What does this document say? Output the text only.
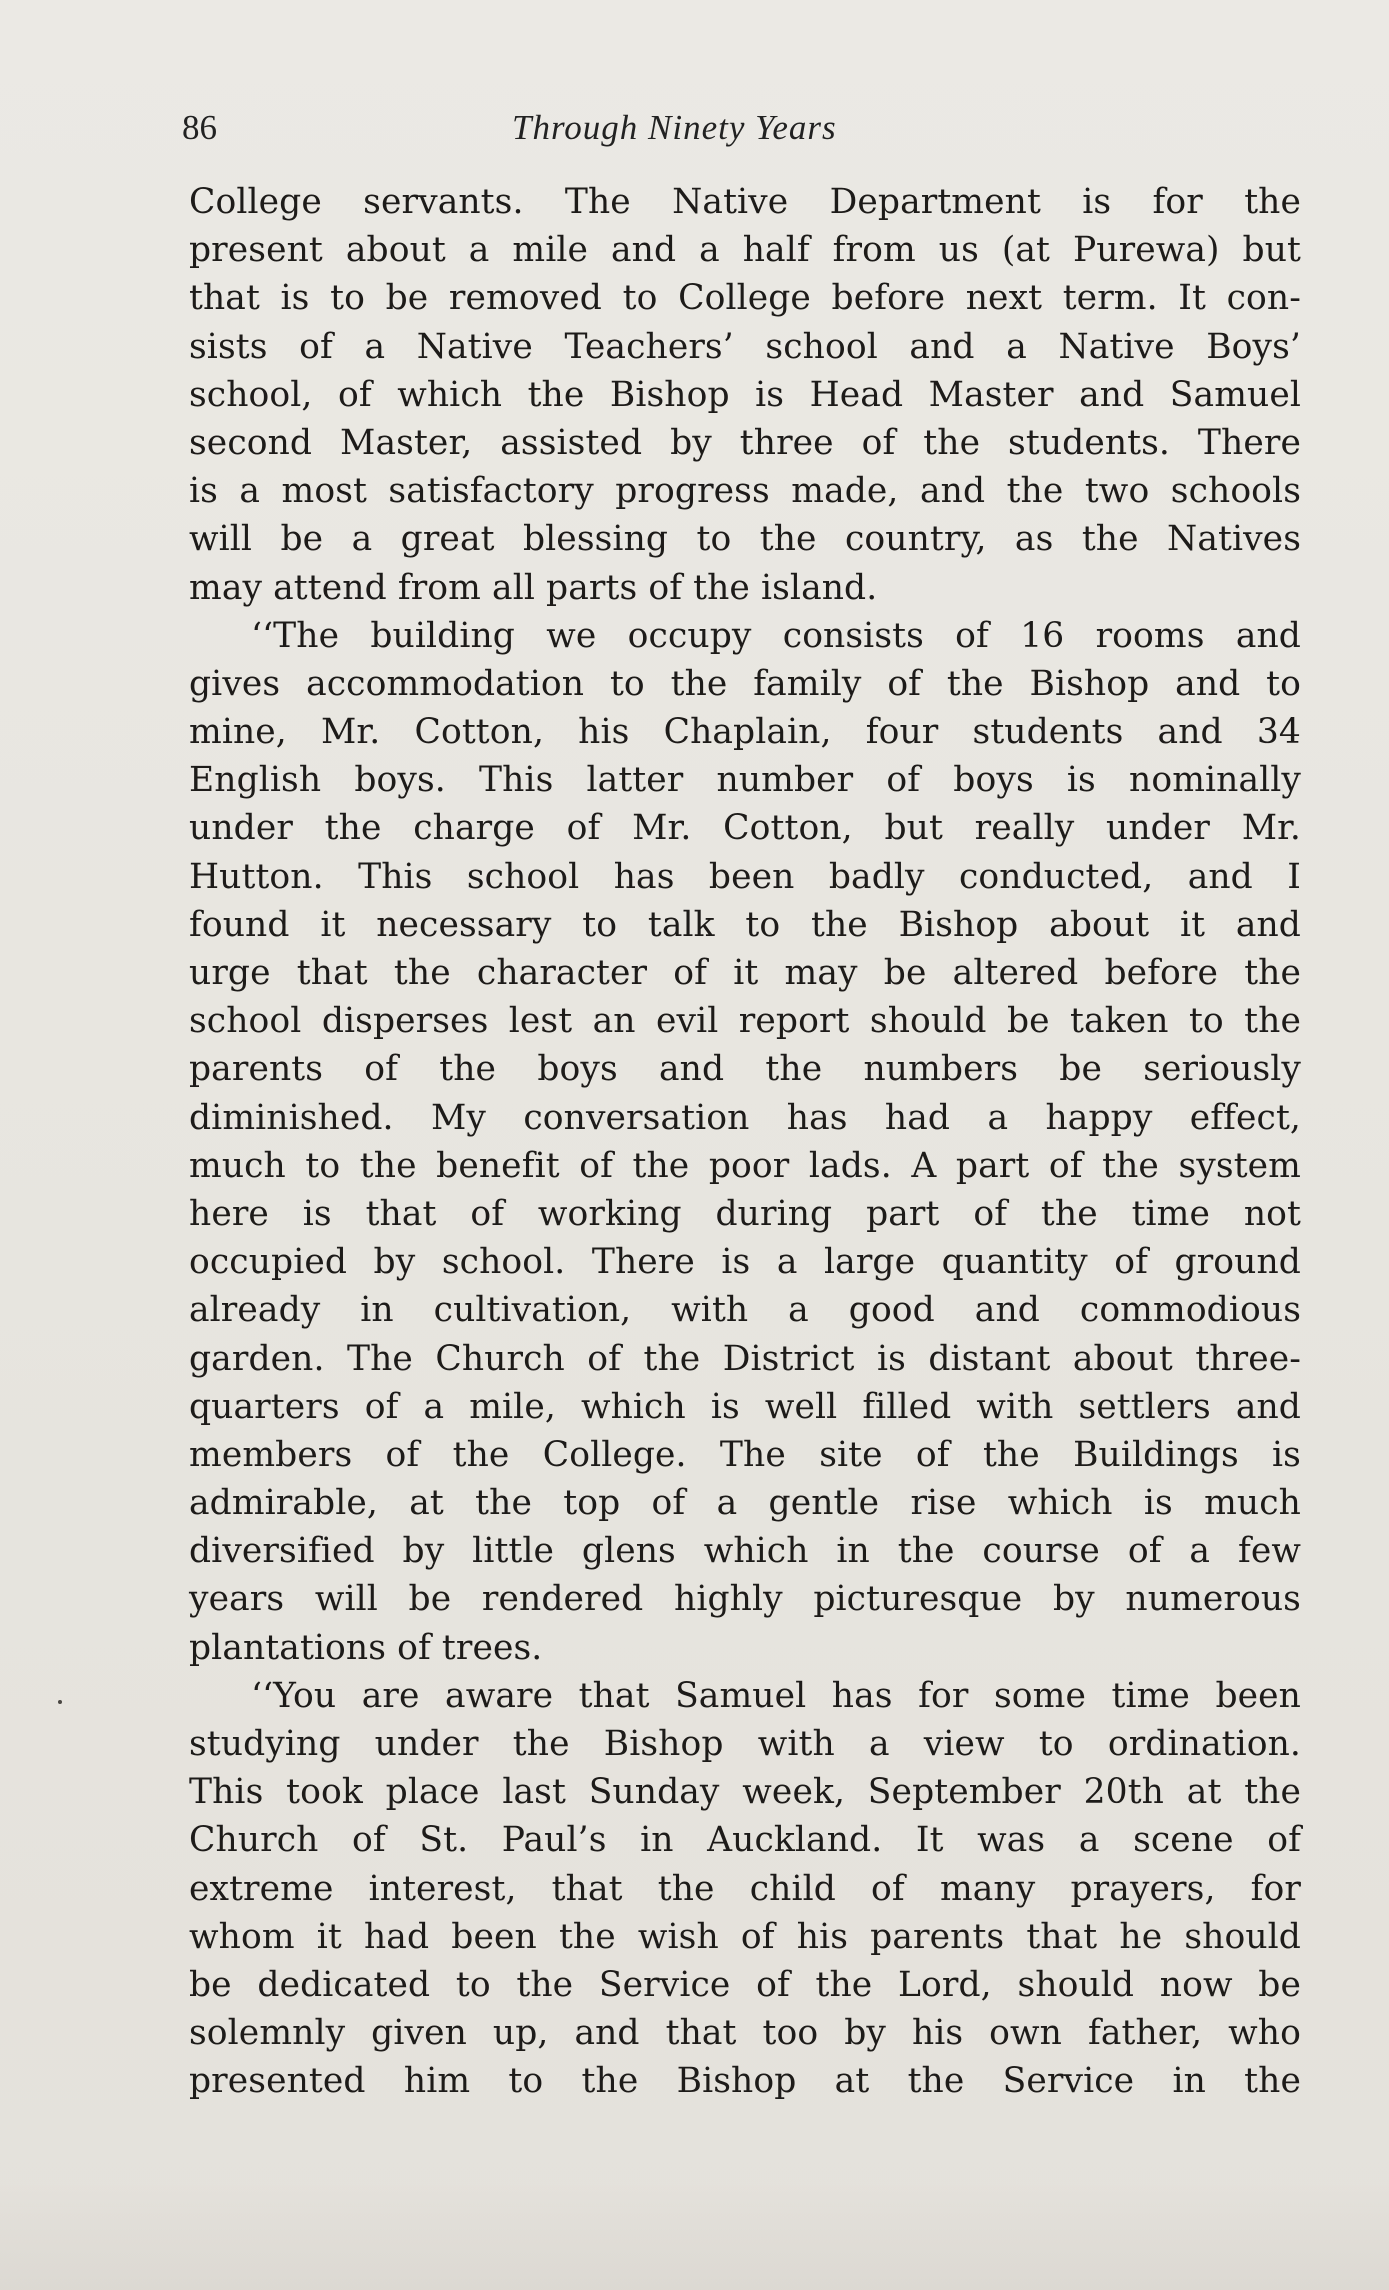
86	Through Ninety Years
College servants. The Native Department is for the
present about a mile and a half from us (at Purewa) but
that is to be removed to College before next term. It con-
sists of a Native Teachers’ school and a Native Boys’
school, of which the Bishop is Head Master and Samuel
second Master, assisted by three of the students. There
is a most satisfactory progress made, and the two schools
will be a great blessing to the country, as the Natives
may attend from all parts of the island.
‘‘The building we occupy consists of 16 rooms and
gives accommodation to the family of the Bishop and to
mine, Mr. Cotton, his Chaplain, four students and 34
English boys. This latter number of boys is nominally
under the charge of Mr. Cotton, but really under Mr.
Hutton. This school has been badly conducted, and I
found it necessary to talk to the Bishop about it and
urge that the character of it may be altered before the
school disperses lest an evil report should be taken to the
parents of the boys and the numbers be seriously
diminished. My conversation has had a happy effect,
much to the benefit of the poor lads. A part of the system
here is that of working during part of the time not
occupied by school. There is a large quantity of ground
already in cultivation, with a good and commodious
garden. The Church of the District is distant about three-
quarters of a mile, which is well filled with settlers and
members of the College. The site of the Buildings is
admirable, at the top of a gentle rise which is much
diversified by little glens which in the course of a few
years will be rendered highly picturesque by numerous
plantations of trees.
‘‘You are aware that Samuel has for some time been
studying under the Bishop with a view to ordination.
This took place last Sunday week, September 20th at the
Church of St. Paul’s in Auckland. It was a scene of
extreme interest, that the child of many prayers, for
whom it had been the wish of his parents that he should
be dedicated to the Service of the Lord, should now be
solemnly given up, and that too by his own father, who
presented him to the Bishop at the Service in the
